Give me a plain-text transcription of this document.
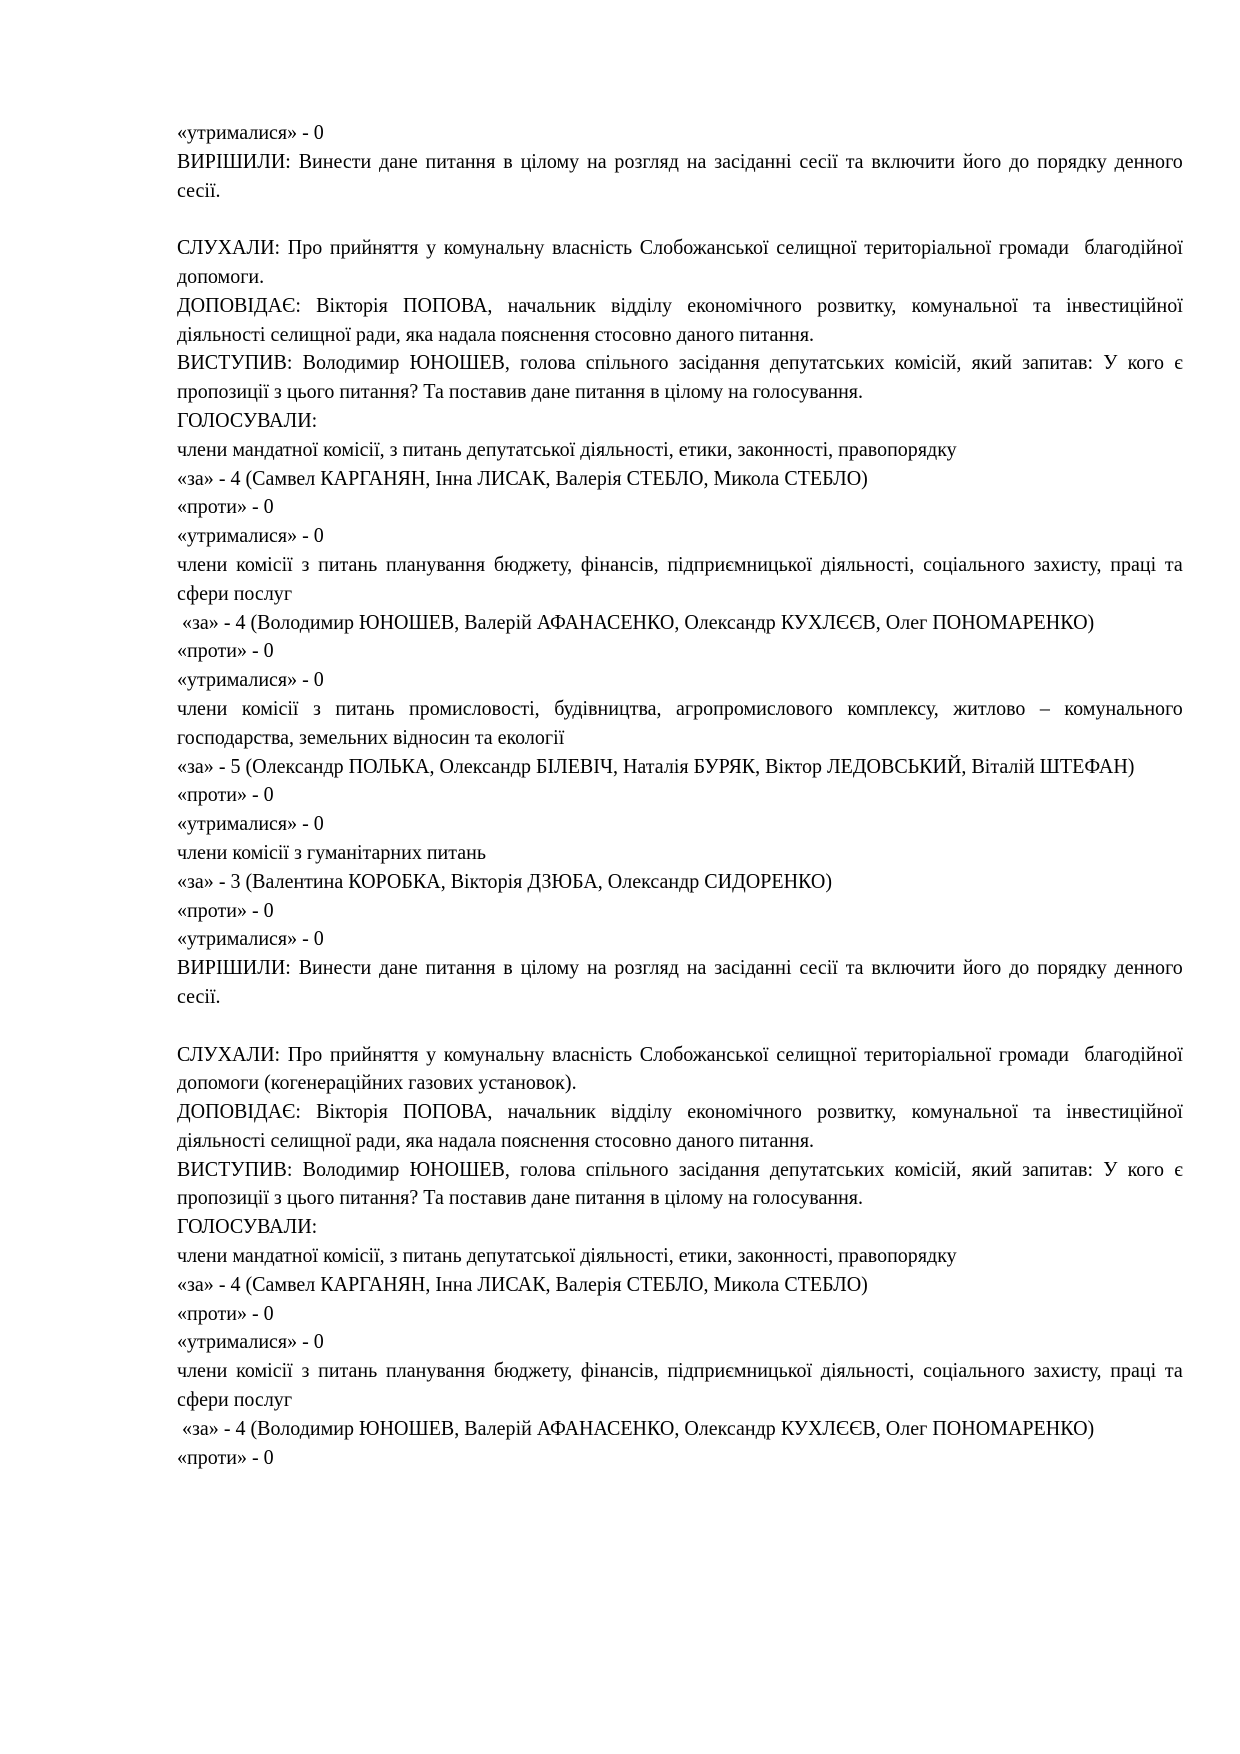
«утрималися» - 0
ВИРІШИЛИ: Винести дане питання в цілому на розгляд на засіданні сесії та включити його до порядку денного сесії.
СЛУХАЛИ: Про прийняття у комунальну власність Слобожанської селищної територіальної громади  благодійної допомоги.
ДОПОВІДАЄ: Вікторія ПОПОВА, начальник відділу економічного розвитку, комунальної та інвестиційної діяльності селищної ради, яка надала пояснення стосовно даного питання.
ВИСТУПИВ: Володимир ЮНОШЕВ, голова спільного засідання депутатських комісій, який запитав: У кого є пропозиції з цього питання? Та поставив дане питання в цілому на голосування.
ГОЛОСУВАЛИ:
члени мандатної комісії, з питань депутатської діяльності, етики, законності, правопорядку
«за» - 4 (Самвел КАРГАНЯН, Інна ЛИСАК, Валерія СТЕБЛО, Микола СТЕБЛО)
«проти» - 0
«утрималися» - 0
члени комісії з питань планування бюджету, фінансів, підприємницької діяльності, соціального захисту, праці та сфери послуг
«за» - 4 (Володимир ЮНОШЕВ, Валерій АФАНАСЕНКО, Олександр КУХЛЄЄВ, Олег ПОНОМАРЕНКО)
«проти» - 0
«утрималися» - 0
члени комісії з питань промисловості, будівництва, агропромислового комплексу, житлово – комунального господарства, земельних відносин та екології
«за» - 5 (Олександр ПОЛЬКА, Олександр БІЛЕВІЧ, Наталія БУРЯК, Віктор ЛЕДОВСЬКИЙ, Віталій ШТЕФАН)
«проти» - 0
«утрималися» - 0
члени комісії з гуманітарних питань
«за» - 3 (Валентина КОРОБКА, Вікторія ДЗЮБА, Олександр СИДОРЕНКО)
«проти» - 0
«утрималися» - 0
ВИРІШИЛИ: Винести дане питання в цілому на розгляд на засіданні сесії та включити його до порядку денного сесії.
СЛУХАЛИ: Про прийняття у комунальну власність Слобожанської селищної територіальної громади  благодійної допомоги (когенераційних газових установок).
ДОПОВІДАЄ: Вікторія ПОПОВА, начальник відділу економічного розвитку, комунальної та інвестиційної діяльності селищної ради, яка надала пояснення стосовно даного питання.
ВИСТУПИВ: Володимир ЮНОШЕВ, голова спільного засідання депутатських комісій, який запитав: У кого є пропозиції з цього питання? Та поставив дане питання в цілому на голосування.
ГОЛОСУВАЛИ:
члени мандатної комісії, з питань депутатської діяльності, етики, законності, правопорядку
«за» - 4 (Самвел КАРГАНЯН, Інна ЛИСАК, Валерія СТЕБЛО, Микола СТЕБЛО)
«проти» - 0
«утрималися» - 0
члени комісії з питань планування бюджету, фінансів, підприємницької діяльності, соціального захисту, праці та сфери послуг
«за» - 4 (Володимир ЮНОШЕВ, Валерій АФАНАСЕНКО, Олександр КУХЛЄЄВ, Олег ПОНОМАРЕНКО)
«проти» - 0
